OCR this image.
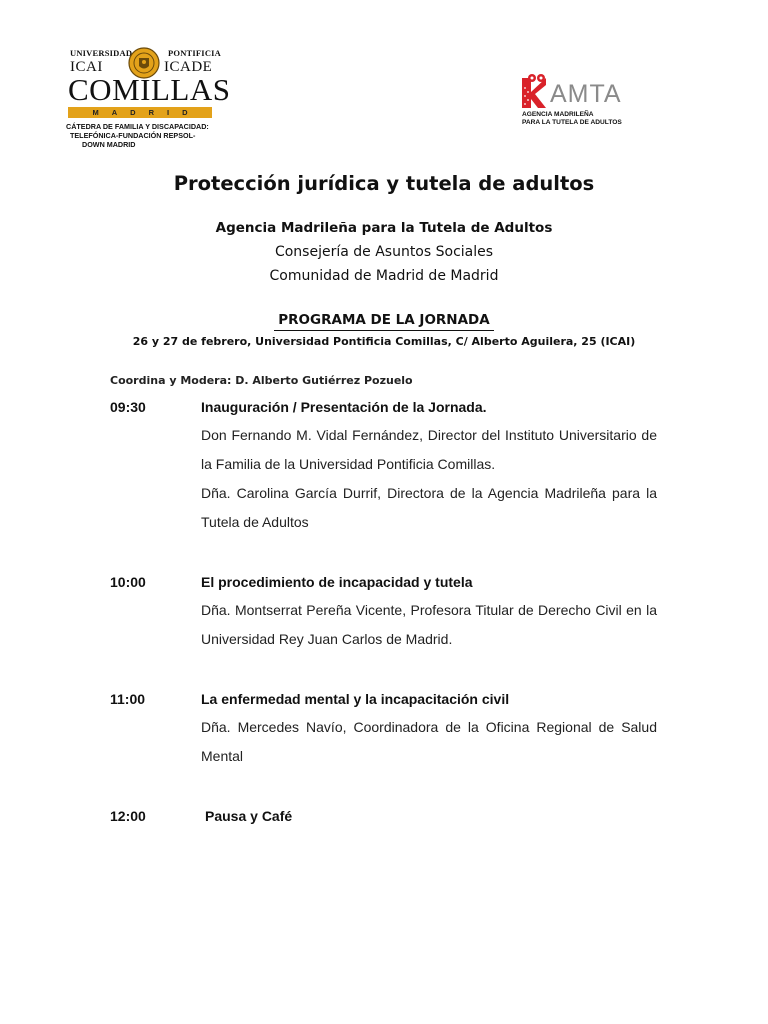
UNIVERSIDAD	PONTIFICIA
ICAI	ICADE
COMILLAS
MADRID
CÁTEDRA DE FAMILIA Y DISCAPACIDAD:
TELEFÓNICA-FUNDACIÓN REPSOL-
DOWN MADRID
AMTA
AGENCIA MADRILEÑA
PARA LA TUTELA DE ADULTOS
Protección jurídica y tutela de adultos
Agencia Madrileña para la Tutela de Adultos
Consejería de Asuntos Sociales
Comunidad de Madrid de Madrid
PROGRAMA DE LA JORNADA
26 y 27 de febrero, Universidad Pontificia Comillas, C/ Alberto Aguilera, 25 (ICAI)
Coordina y Modera: D. Alberto Gutiérrez Pozuelo
09:30	Inauguración / Presentación de la Jornada.

Don Fernando M. Vidal Fernández, Director del Instituto Universitario de la Familia de la Universidad Pontificia Comillas.

Dña. Carolina García Durrif, Directora de la Agencia Madrileña para la Tutela de Adultos

10:00	El procedimiento de incapacidad y tutela

Dña. Montserrat Pereña Vicente, Profesora Titular de Derecho Civil en la Universidad Rey Juan Carlos de Madrid.

11:00	La enfermedad mental y la incapacitación civil

Dña. Mercedes Navío, Coordinadora de la Oficina Regional de Salud Mental

12:00	Pausa y Café
